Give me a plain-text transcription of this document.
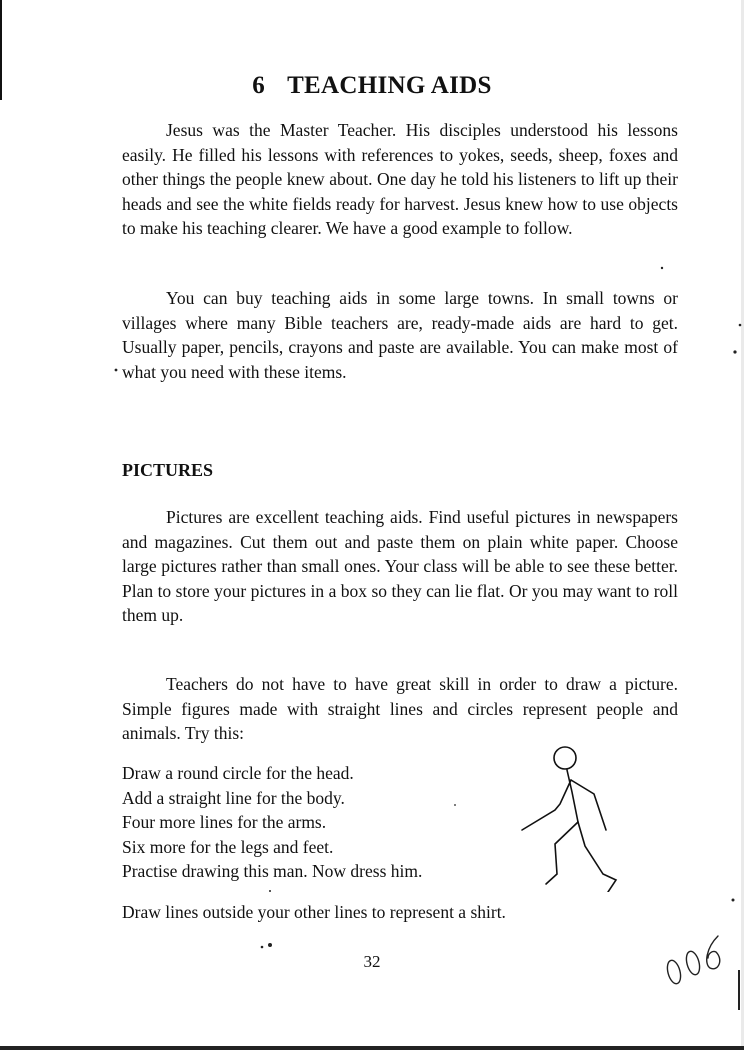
6 TEACHING AIDS

Jesus was the Master Teacher. His disciples understood his lessons easily. He filled his lessons with references to yokes, seeds, sheep, foxes and other things the people knew about. One day he told his listeners to lift up their heads and see the white fields ready for harvest. Jesus knew how to use objects to make his teaching clearer. We have a good example to follow.

You can buy teaching aids in some large towns. In small towns or villages where many Bible teachers are, ready-made aids are hard to get. Usually paper, pencils, crayons and paste are available. You can make most of what you need with these items.

PICTURES

Pictures are excellent teaching aids. Find useful pictures in newspapers and magazines. Cut them out and paste them on plain white paper. Choose large pictures rather than small ones. Your class will be able to see these better. Plan to store your pictures in a box so they can lie flat. Or you may want to roll them up.

Teachers do not have to have great skill in order to draw a picture. Simple figures made with straight lines and circles represent people and animals. Try this:

Draw a round circle for the head.
Add a straight line for the body.
Four more lines for the arms.
Six more for the legs and feet.
Practise drawing this man. Now dress him.
Draw lines outside your other lines to represent a shirt.
32
